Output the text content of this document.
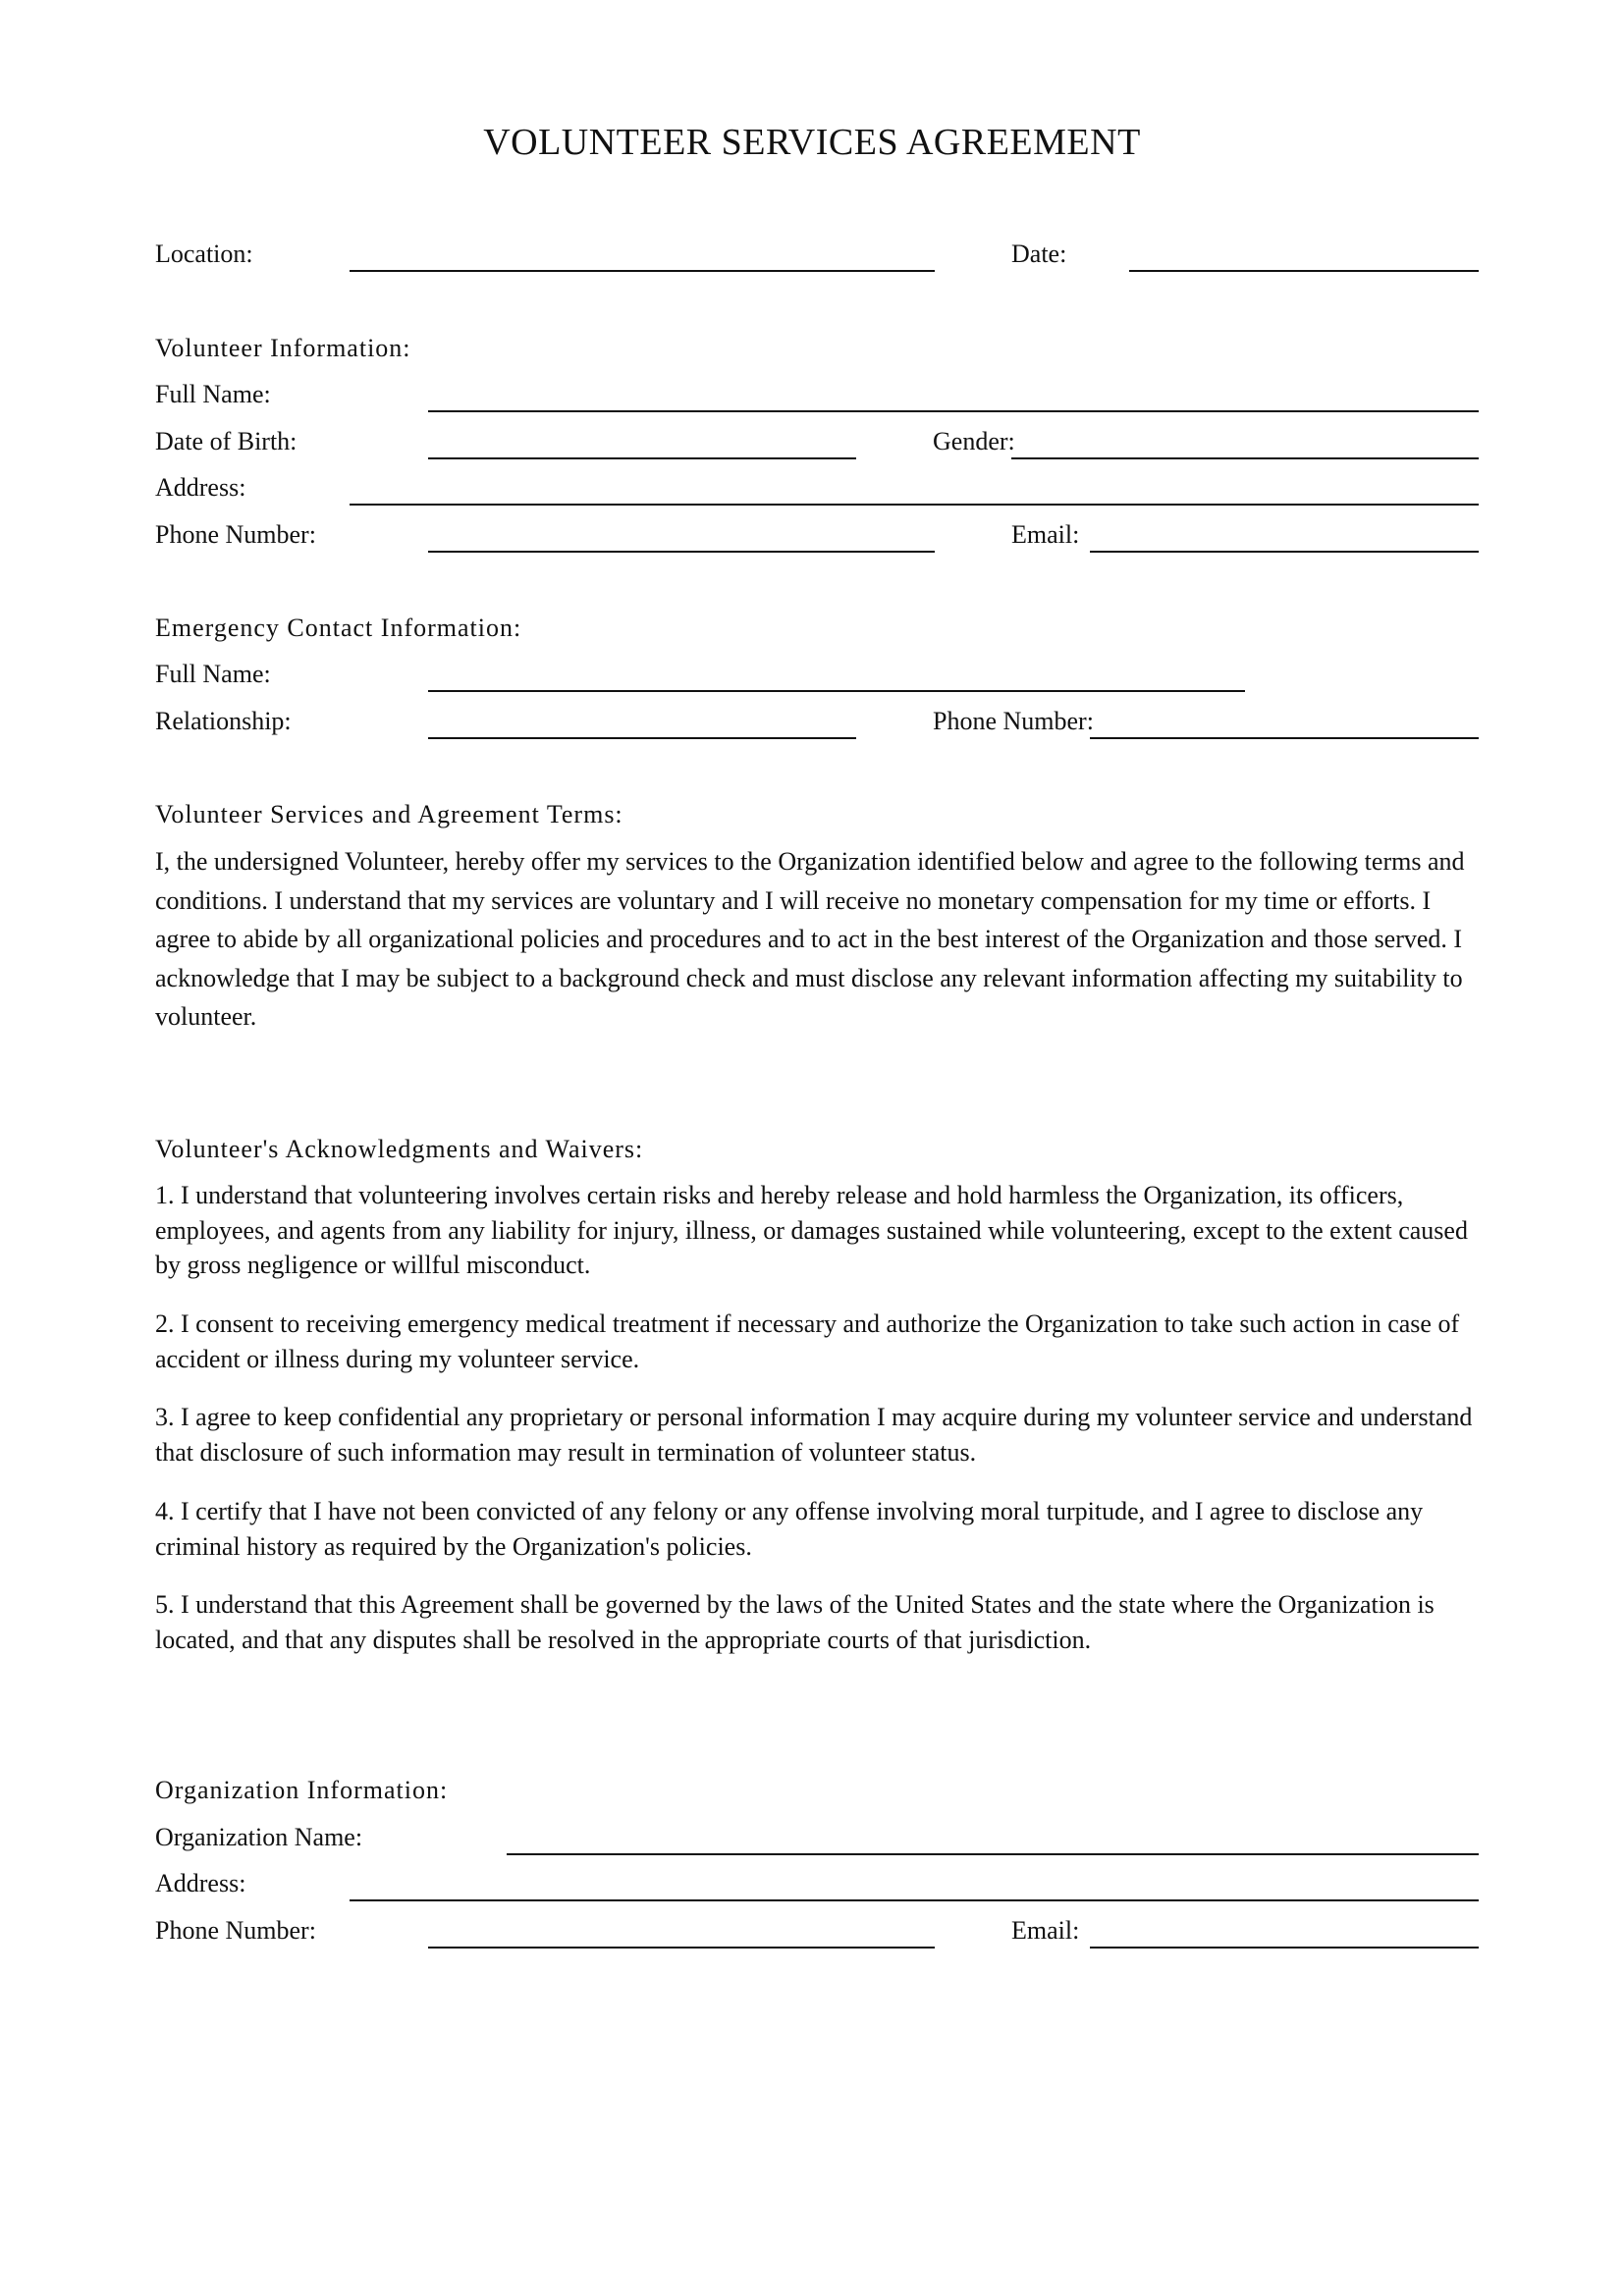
VOLUNTEER SERVICES AGREEMENT
Location:	Date:
Volunteer Information:
Full Name:
Date of Birth:	Gender:
Address:
Phone Number:	Email:
Emergency Contact Information:
Full Name:
Relationship:	Phone Number:
Volunteer Services and Agreement Terms:

I, the undersigned Volunteer, hereby offer my services to the Organization identified below and agree to the following terms and conditions. I understand that my services are voluntary and I will receive no monetary compensation for my time or efforts. I agree to abide by all organizational policies and procedures and to act in the best interest of the Organization and those served. I acknowledge that I may be subject to a background check and must disclose any relevant information affecting my suitability to volunteer.

Volunteer's Acknowledgments and Waivers:

1. I understand that volunteering involves certain risks and hereby release and hold harmless the Organization, its officers, employees, and agents from any liability for injury, illness, or damages sustained while volunteering, except to the extent caused by gross negligence or willful misconduct.

2. I consent to receiving emergency medical treatment if necessary and authorize the Organization to take such action in case of accident or illness during my volunteer service.

3. I agree to keep confidential any proprietary or personal information I may acquire during my volunteer service and understand that disclosure of such information may result in termination of volunteer status.

4. I certify that I have not been convicted of any felony or any offense involving moral turpitude, and I agree to disclose any criminal history as required by the Organization's policies.

5. I understand that this Agreement shall be governed by the laws of the United States and the state where the Organization is located, and that any disputes shall be resolved in the appropriate courts of that jurisdiction.

Organization Information:
Organization Name:
Address:
Phone Number:	Email:
